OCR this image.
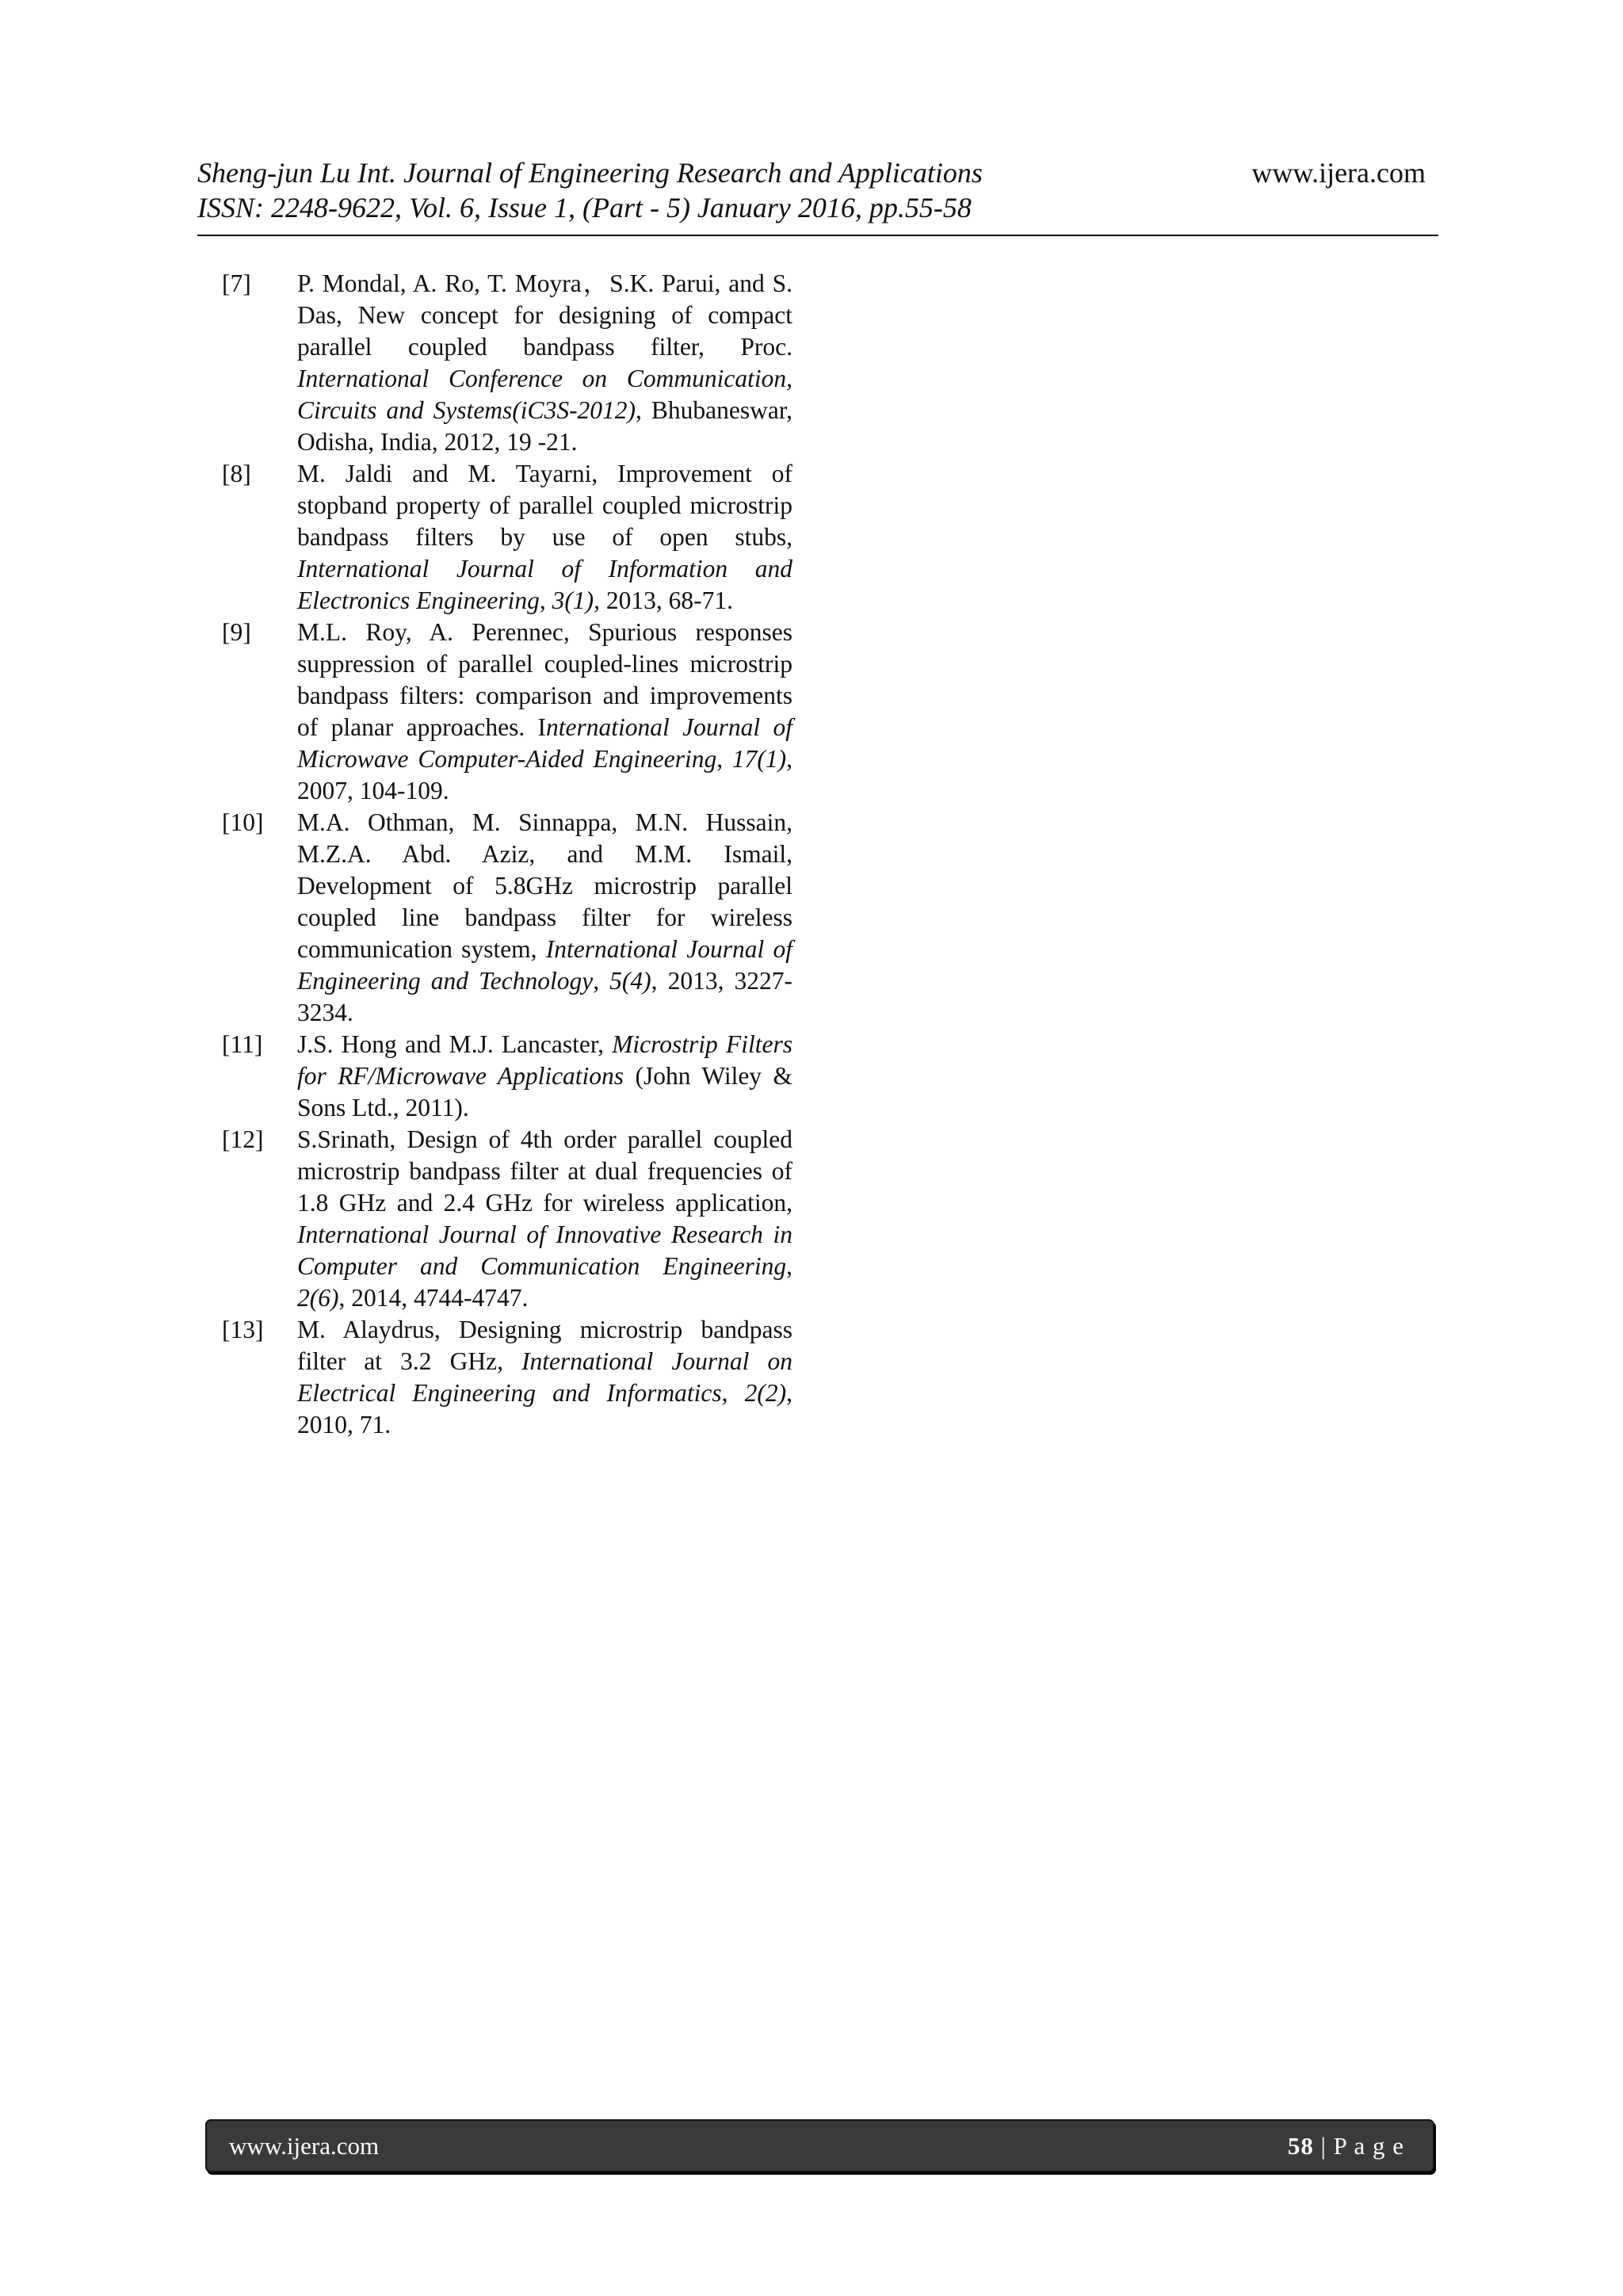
Sheng-jun Lu Int. Journal of Engineering Research and Applications
ISSN: 2248-9622, Vol. 6, Issue 1, (Part - 5) January 2016, pp.55-58
www.ijera.com
[7] P. Mondal, A. Ro, T. Moyra，S.K. Parui, and S. Das, New concept for designing of compact parallel coupled bandpass filter, Proc. International Conference on Communication, Circuits and Systems(iC3S-2012), Bhubaneswar, Odisha, India, 2012, 19 -21.
[8] M. Jaldi and M. Tayarni, Improvement of stopband property of parallel coupled microstrip bandpass filters by use of open stubs, International Journal of Information and Electronics Engineering, 3(1), 2013, 68-71.
[9] M.L. Roy, A. Perennec, Spurious responses suppression of parallel coupled-lines microstrip bandpass filters: comparison and improvements of planar approaches. International Journal of Microwave Computer-Aided Engineering, 17(1), 2007, 104-109.
[10] M.A. Othman, M. Sinnappa, M.N. Hussain, M.Z.A. Abd. Aziz, and M.M. Ismail, Development of 5.8GHz microstrip parallel coupled line bandpass filter for wireless communication system, International Journal of Engineering and Technology, 5(4), 2013, 3227-3234.
[11] J.S. Hong and M.J. Lancaster, Microstrip Filters for RF/Microwave Applications (John Wiley & Sons Ltd., 2011).
[12] S.Srinath, Design of 4th order parallel coupled microstrip bandpass filter at dual frequencies of 1.8 GHz and 2.4 GHz for wireless application, International Journal of Innovative Research in Computer and Communication Engineering, 2(6), 2014, 4744-4747.
[13] M. Alaydrus, Designing microstrip bandpass filter at 3.2 GHz, International Journal on Electrical Engineering and Informatics, 2(2), 2010, 71.
www.ijera.com	58 | P a g e
